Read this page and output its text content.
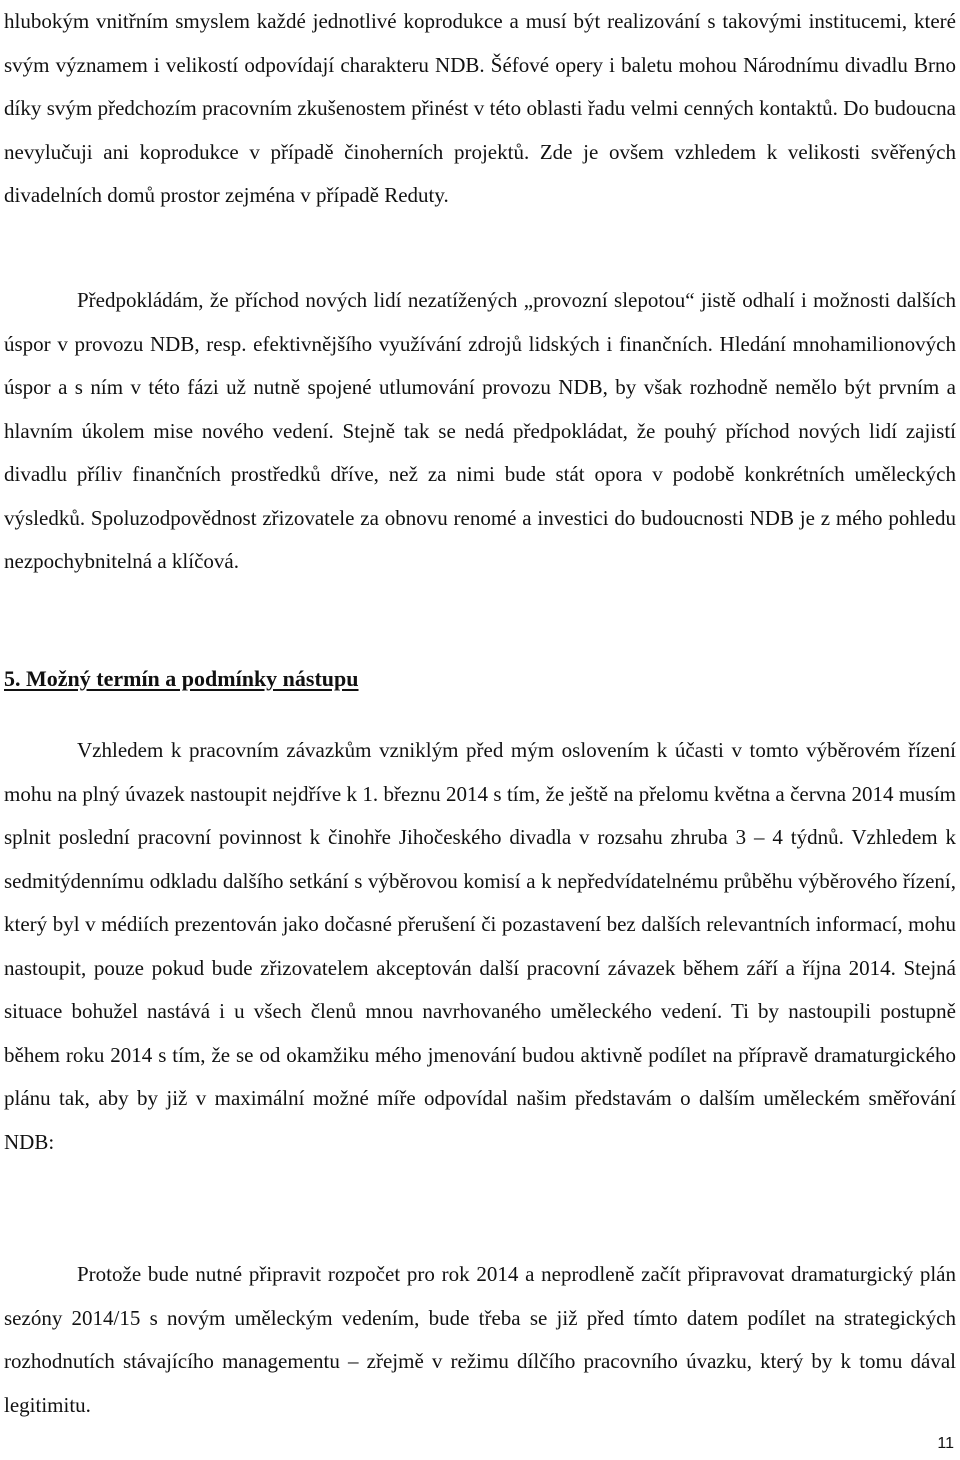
hlubokým vnitřním smyslem každé jednotlivé koprodukce a musí být realizování s takovými institucemi, které svým významem i velikostí odpovídají charakteru NDB. Šéfové opery i baletu mohou Národnímu divadlu Brno díky svým předchozím pracovním zkušenostem přinést v této oblasti řadu velmi cenných kontaktů. Do budoucna nevylučuji ani koprodukce v případě činoherních projektů. Zde je ovšem vzhledem k velikosti svěřených divadelních domů prostor zejména v případě Reduty.

Předpokládám, že příchod nových lidí nezatížených „provozní slepotou“ jistě odhalí i možnosti dalších úspor v provozu NDB, resp. efektivnějšího využívání zdrojů lidských i finančních. Hledání mnohamilionových úspor a s ním v této fázi už nutně spojené utlumování provozu NDB, by však rozhodně nemělo být prvním a hlavním úkolem mise nového vedení. Stejně tak se nedá předpokládat, že pouhý příchod nových lidí zajistí divadlu příliv finančních prostředků dříve, než za nimi bude stát opora v podobě konkrétních uměleckých výsledků. Spoluzodpovědnost zřizovatele za obnovu renomé a investici do budoucnosti NDB je z mého pohledu nezpochybnitelná a klíčová.

5. Možný termín a podmínky nástupu

Vzhledem k pracovním závazkům vzniklým před mým oslovením k účasti v tomto výběrovém řízení mohu na plný úvazek nastoupit nejdříve k 1. březnu 2014 s tím, že ještě na přelomu května a června 2014 musím splnit poslední pracovní povinnost k činohře Jihočeského divadla v rozsahu zhruba 3 – 4 týdnů. Vzhledem k sedmitýdennímu odkladu dalšího setkání s výběrovou komisí a k nepředvídatelnému průběhu výběrového řízení, který byl v médiích prezentován jako dočasné přerušení či pozastavení bez dalších relevantních informací, mohu nastoupit, pouze pokud bude zřizovatelem akceptován další pracovní závazek během září a října 2014. Stejná situace bohužel nastává i u všech členů mnou navrhovaného uměleckého vedení. Ti by nastoupili postupně během roku 2014 s tím, že se od okamžiku mého jmenování budou aktivně podílet na přípravě dramaturgického plánu tak, aby by již v maximální možné míře odpovídal našim představám o dalším uměleckém směřování NDB:

Protože bude nutné připravit rozpočet pro rok 2014 a neprodleně začít připravovat dramaturgický plán sezóny 2014/15 s novým uměleckým vedením, bude třeba se již před tímto datem podílet na strategických rozhodnutích stávajícího managementu – zřejmě v režimu dílčího pracovního úvazku, který by k tomu dával legitimitu.

11
